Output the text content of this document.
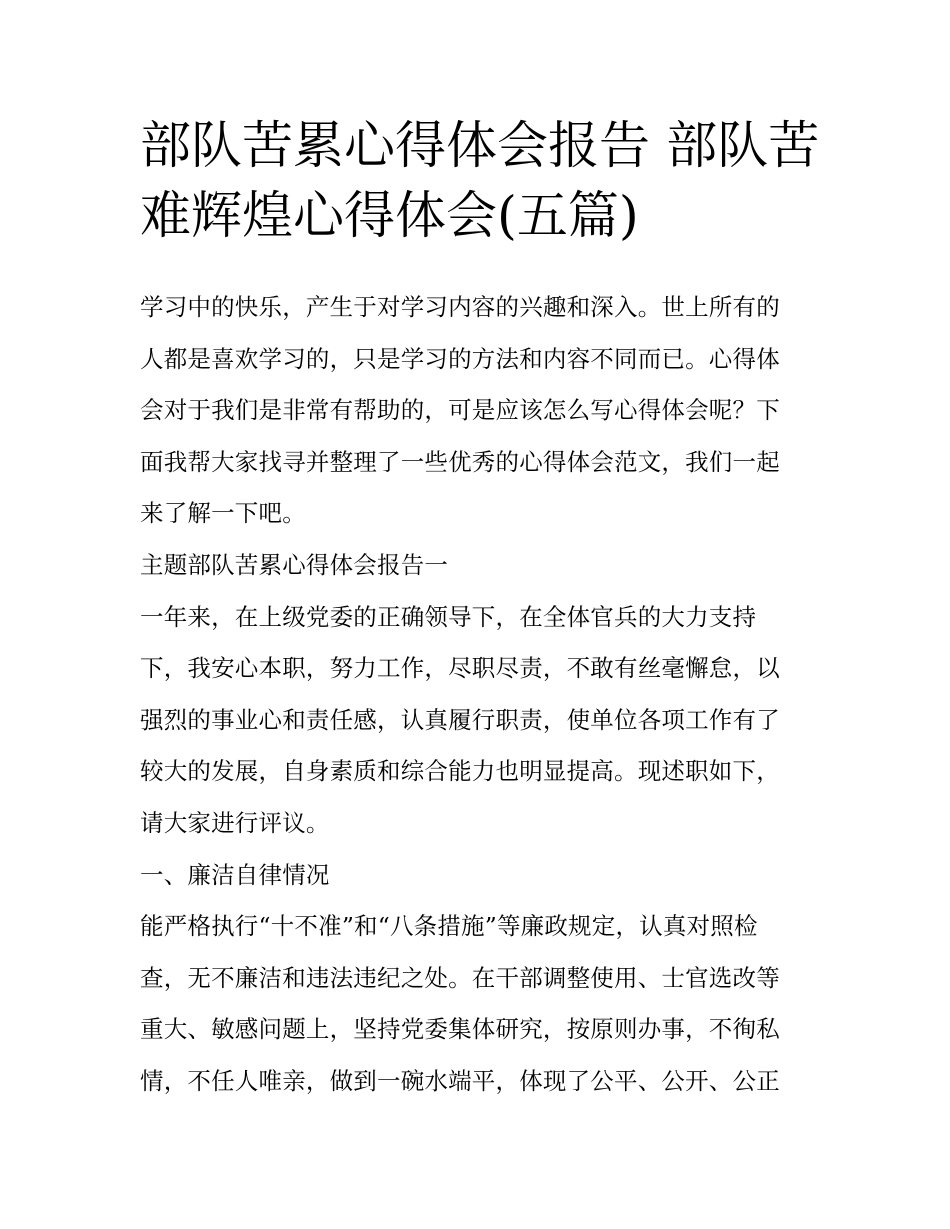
部队苦累心得体会报告 部队苦
难辉煌心得体会(五篇)
学习中的快乐，产生于对学习内容的兴趣和深入。世上所有的
人都是喜欢学习的，只是学习的方法和内容不同而已。心得体
会对于我们是非常有帮助的，可是应该怎么写心得体会呢？下
面我帮大家找寻并整理了一些优秀的心得体会范文，我们一起
来了解一下吧。
主题部队苦累心得体会报告一
一年来，在上级党委的正确领导下，在全体官兵的大力支持
下，我安心本职，努力工作，尽职尽责，不敢有丝毫懈怠，以
强烈的事业心和责任感，认真履行职责，使单位各项工作有了
较大的发展，自身素质和综合能力也明显提高。现述职如下，
请大家进行评议。
一、廉洁自律情况
能严格执行“十不准”和“八条措施”等廉政规定，认真对照检
查，无不廉洁和违法违纪之处。在干部调整使用、士官选改等
重大、敏感问题上，坚持党委集体研究，按原则办事，不徇私
情，不任人唯亲，做到一碗水端平，体现了公平、公开、公正
